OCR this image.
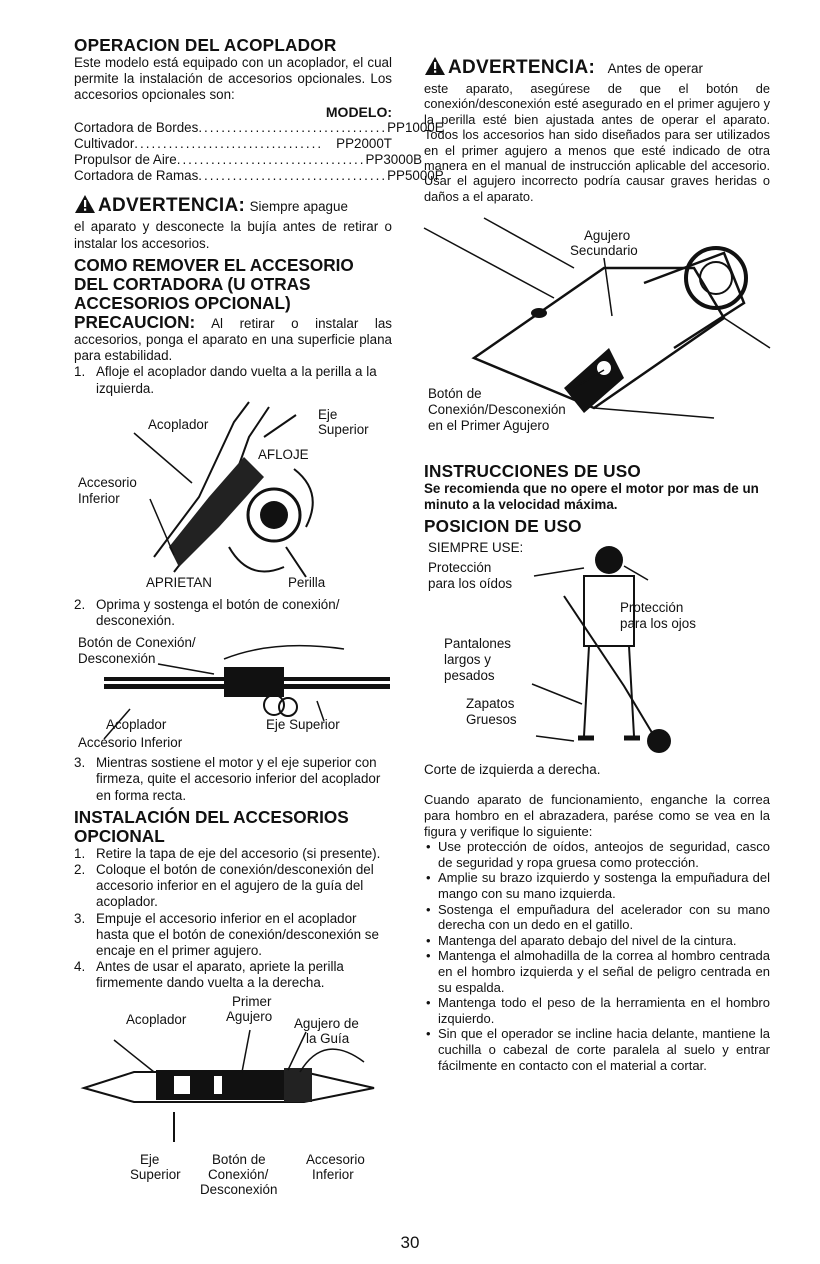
OPERACION DEL ACOPLADOR

Este modelo está equipado con un acoplador, el cual permite la instalación de accesorios opcionales. Los accesorios opcionales son:

MODELO:
Cortadora de Bordes ................................. PP1000E
Cultivador ................................. PP2000T
Propulsor de Aire ................................. PP3000B
Cortadora de Ramas ................................. PP5000P
ADVERTENCIA: Siempre apague

el aparato y desconecte la bujía antes de retirar o instalar los accesorios.

COMO REMOVER EL ACCESORIO DEL CORTADORA (U OTRAS ACCESORIOS OPCIONAL)

PRECAUCION: Al retirar o instalar las accesorios, ponga el aparato en una superficie plana para estabilidad.

1. Afloje el acoplador dando vuelta a la perilla a la izquierda.
Acoplador
Eje
Superior
AFLOJE
Accesorio
Inferior
APRIETAN	Perilla
2. Oprima y sostenga el botón de conexión/ desconexión.
Botón de Conexión/
Desconexión
Acoplador	Eje Superior
Accesorio Inferior
3. Mientras sostiene el motor y el eje superior con firmeza, quite el accesorio inferior del acoplador en forma recta.

INSTALACIÓN DEL ACCESORIOS OPCIONAL

1. Retire la tapa de eje del accesorio (si presente).
2. Coloque el botón de conexión/desconexión del accesorio inferior en el agujero de la guía del acoplador.
3. Empuje el accesorio inferior en el acoplador hasta que el botón de conexión/desconexión se encaje en el primer agujero.
4. Antes de usar el aparato, apriete la perilla firmemente dando vuelta a la derecha.
Primer
Agujero
Acoplador	Agujero de
la Guía
Eje
Superior
Botón de
Conexión/
Desconexión
Accesorio
Inferior
ADVERTENCIA: Antes de operar

este aparato, asegúrese de que el botón de conexión/desconexión esté asegurado en el primer agujero y la perilla esté bien ajustada antes de operar el aparato. Todos los accesorios han sido diseñados para ser utilizados en el primer agujero a menos que esté indicado de otra manera en el manual de instrucción aplicable del accesorio. Usar el agujero incorrecto podría causar graves heridas o daños a el aparato.

Agujero
Secundario
Botón de
Conexión/Desconexión
en el Primer Agujero

INSTRUCCIONES DE USO

Se recomienda que no opere el motor por mas de un minuto a la velocidad máxima.

POSICION DE USO

SIEMPRE USE:
Protección
para los oídos
Protección
para los ojos
Pantalones
largos y
pesados
Zapatos
Gruesos

Corte de izquierda a derecha.

Cuando aparato de funcionamiento, enganche la correa para hombro en el abrazadera, parése como se vea en la figura y verifique lo siguiente:

• Use protección de oídos, anteojos de seguridad, casco de seguridad y ropa gruesa como protección.
• Amplie su brazo izquierdo y sostenga la empuñadura del mango con su mano izquierda.
• Sostenga el empuñadura del acelerador con su mano derecha con un dedo en el gatillo.
• Mantenga del aparato debajo del nivel de la cintura.
• Mantenga el almohadilla de la correa al hombro centrada en el hombro izquierda y el señal de peligro centrada en su espalda.
• Mantenga todo el peso de la herramienta en el hombro izquierdo.
• Sin que el operador se incline hacia delante, mantiene la cuchilla o cabezal de corte paralela al suelo y entrar fácilmente en contacto con el material a cortar.
30
